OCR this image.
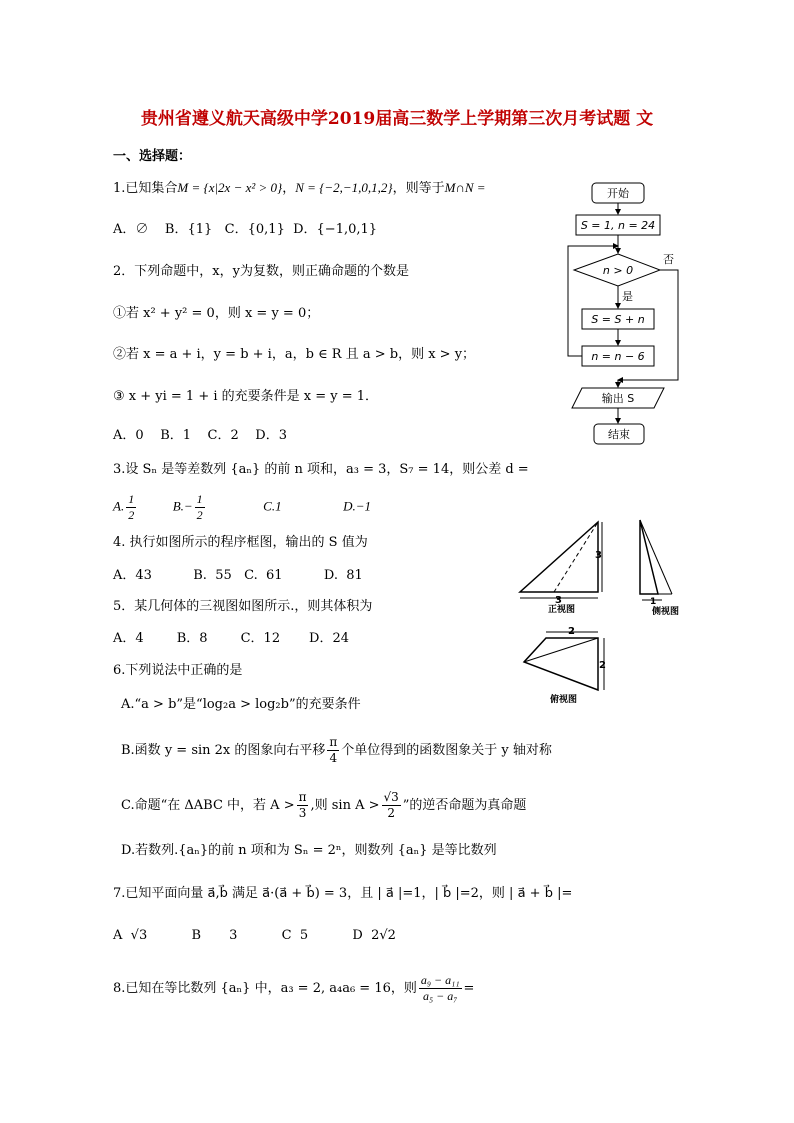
贵州省遵义航天高级中学2019届高三数学上学期第三次月考试题 文
一、选择题：
1.已知集合M = {x|2x − x² > 0}，N = {−2,−1,0,1,2}，则等于M∩N =
A．∅    B．{1}   C．{0,1}  D．{−1,0,1}
2．下列命题中，x，y为复数，则正确命题的个数是
①若 x² + y² = 0，则 x = y = 0；
②若 x = a + i，y = b + i，a，b ∈ R 且 a > b，则 x > y；
③ x + yi = 1 + i 的充要条件是 x = y = 1．
A．0    B．1    C．2    D．3
3.设 Sₙ 是等差数列 {aₙ} 的前 n 项和，a₃ = 3，S₇ = 14，则公差 d =
A. $\frac{1}{2}$	$B.- \frac{1}{2}$	C.1	D.−1
4. 执行如图所示的程序框图，输出的 S 值为
A．43          B.  55   C.  61          D.  81
5．某几何体的三视图如图所示.，则其体积为
A．4        B．8        C．12       D．24
6.下列说法中正确的是
A.“a > b”是“log₂a > log₂b”的充要条件
B.函数 y = sin 2x 的图象向右平移 $\frac{\pi}{4}$ 个单位得到的函数图象关于 y 轴对称
C.命题“在 ΔABC 中，若 $A > \frac{\pi}{3}$ ,则 $\sin A > \frac{√3}{2}$ ”的逆否命题为真命题
D.若数列.{aₙ}的前 n 项和为 Sₙ = 2ⁿ，则数列 {aₙ} 是等比数列
7.已知平面向量 a⃗,b⃗ 满足 a⃗·(a⃗ + b⃗) = 3，且 | a⃗ |=1，| b⃗ |=2，则 | a⃗ + b⃗ |=
A √3	B 3	C 5	D 2√2
8.已知在等比数列 {aₙ} 中，a₃ = 2, a₄a₆ = 16，则 $\frac{\text{a₉ − a₁₁}}{\text{a₅ − a₇}}$ =
开始
S = 1, n = 24
n > 0
否
是
S = S + n
n = n − 6
输出 S
结束
3
3
正视图
1
侧视图
2
2
俯视图
